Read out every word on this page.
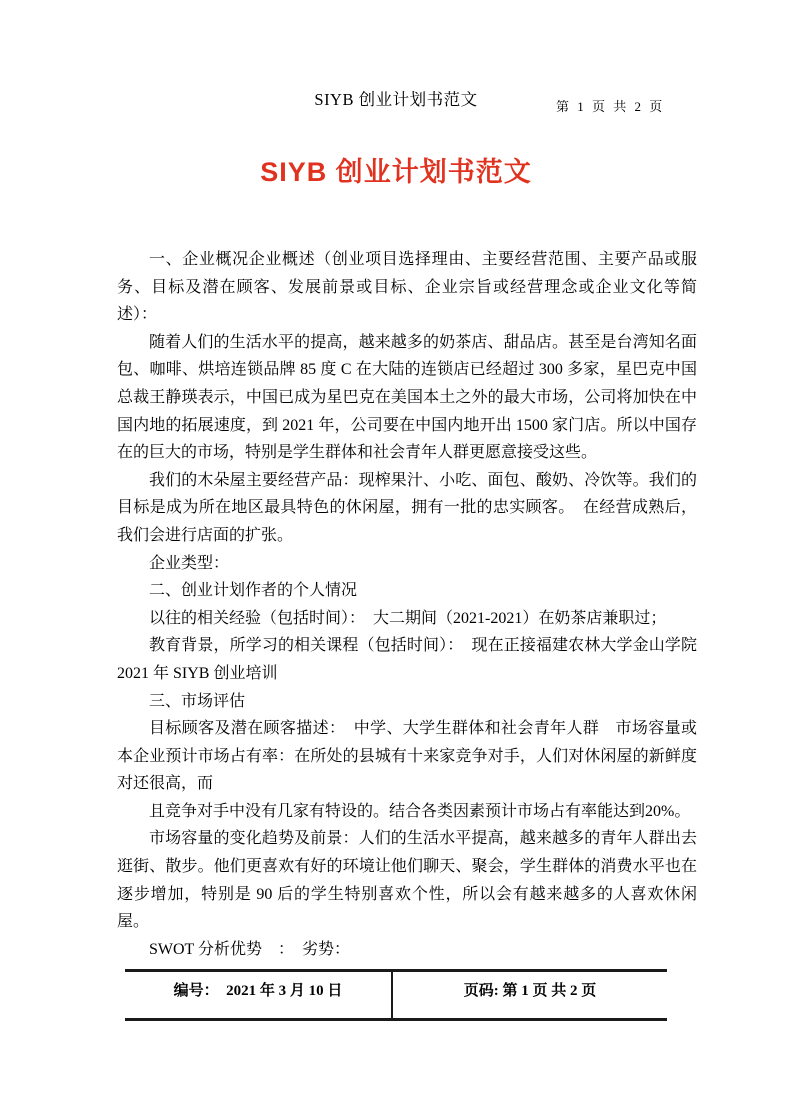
SIYB 创业计划书范文	第 1 页 共 2 页
SIYB 创业计划书范文

一、企业概况企业概述（创业项目选择理由、主要经营范围、主要产品或服务、目标及潜在顾客、发展前景或目标、企业宗旨或经营理念或企业文化等简述）：

随着人们的生活水平的提高，越来越多的奶茶店、甜品店。甚至是台湾知名面包、咖啡、烘培连锁品牌 85 度 C 在大陆的连锁店已经超过 300 多家，星巴克中国总裁王静瑛表示，中国已成为星巴克在美国本土之外的最大市场，公司将加快在中国内地的拓展速度，到 2021 年，公司要在中国内地开出 1500 家门店。所以中国存在的巨大的市场，特别是学生群体和社会青年人群更愿意接受这些。

我们的木朵屋主要经营产品：现榨果汁、小吃、面包、酸奶、冷饮等。我们的目标是成为所在地区最具特色的休闲屋，拥有一批的忠实顾客。　在经营成熟后，我们会进行店面的扩张。

企业类型：

二、创业计划作者的个人情况

以往的相关经验（包括时间）：　大二期间（2021-2021）在奶茶店兼职过；

教育背景，所学习的相关课程（包括时间）：　现在正接福建农林大学金山学院 2021 年 SIYB 创业培训

三、市场评估

目标顾客及潜在顾客描述：　中学、大学生群体和社会青年人群　市场容量或本企业预计市场占有率：在所处的县城有十来家竞争对手，人们对休闲屋的新鲜度对还很高，而

且竞争对手中没有几家有特设的。结合各类因素预计市场占有率能达到20%。

市场容量的变化趋势及前景：人们的生活水平提高，越来越多的青年人群出去逛街、散步。他们更喜欢有好的环境让他们聊天、聚会，学生群体的消费水平也在逐步增加，特别是 90 后的学生特别喜欢个性，所以会有越来越多的人喜欢休闲屋。

SWOT 分析优势　：　劣势：

编号：　2021 年 3 月 10 日	页码: 第 1 页 共 2 页
